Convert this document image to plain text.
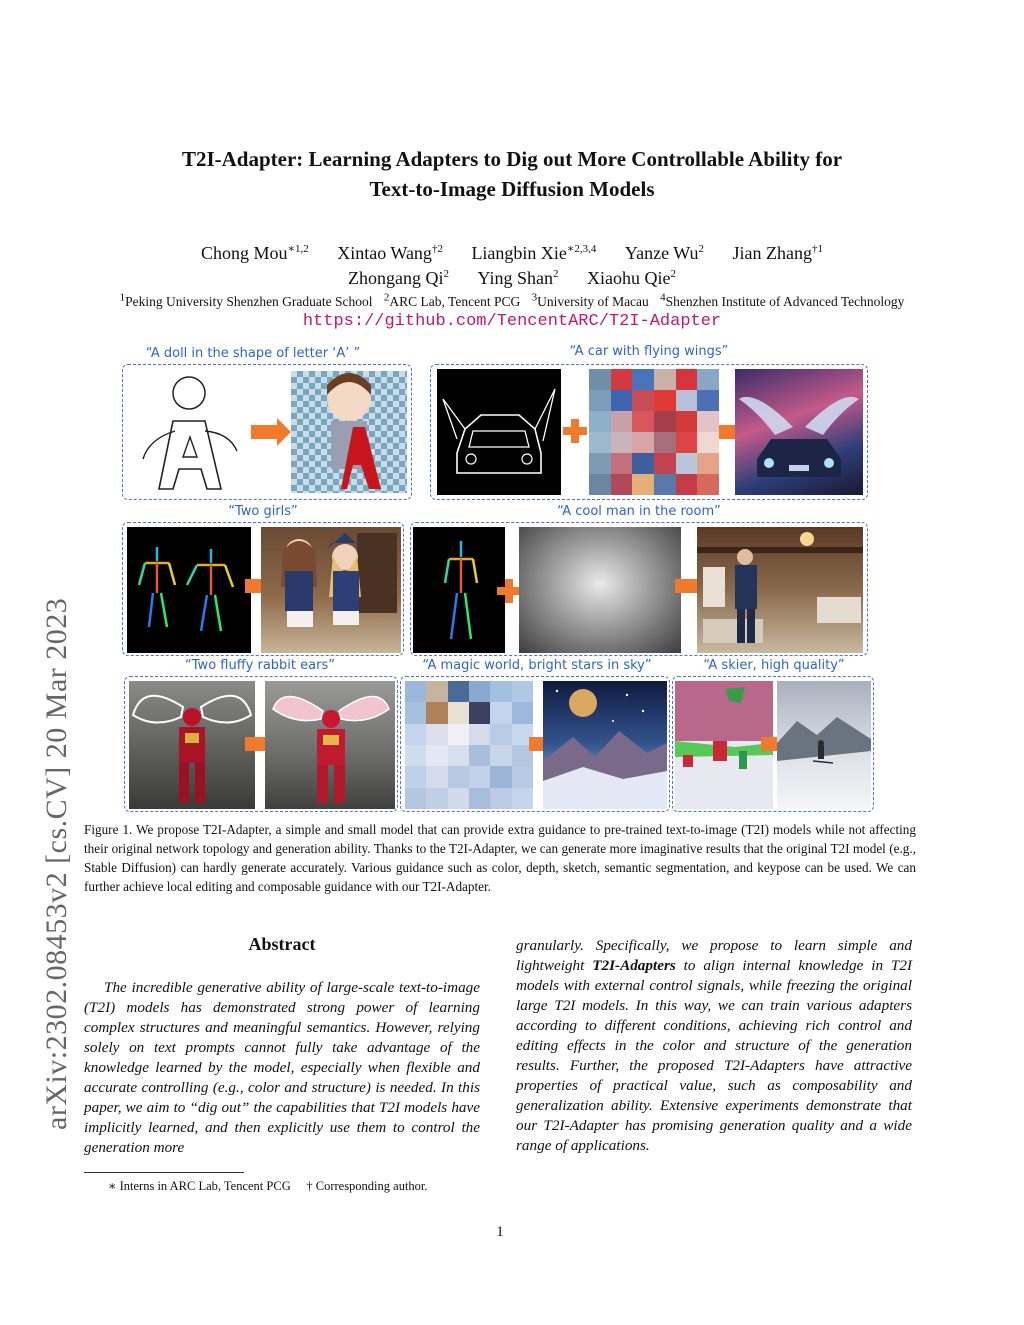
T2I-Adapter: Learning Adapters to Dig out More Controllable Ability for
Text-to-Image Diffusion Models
Chong Mou$^{∗1,2}$ Xintao Wang$^{\dagger 2}$ Liangbin Xie$^{∗2,3,4}$ Yanze Wu$^2$ Jian Zhang$^{\dagger 1}$
Zhongang Qi$^2$ Ying Shan$^2$ Xiaohu Qie$^2$
$^1$Peking University Shenzhen Graduate School $^2$ARC Lab, Tencent PCG $^3$University of Macau $^4$Shenzhen Institute of Advanced Technology
https://github.com/TencentARC/T2I-Adapter
arXiv:2302.08453v2 [cs.CV] 20 Mar 2023
“A doll in the shape of letter ‘A’ ”	“A car with flying wings”
“Two girls”	“A cool man in the room”
“Two fluffy rabbit ears”	“A magic world, bright stars in sky”	“A skier, high quality”
Figure 1. We propose T2I-Adapter, a simple and small model that can provide extra guidance to pre-trained text-to-image (T2I) models while not affecting their original network topology and generation ability. Thanks to the T2I-Adapter, we can generate more imaginative results that the original T2I model (e.g., Stable Diffusion) can hardly generate accurately. Various guidance such as color, depth, sketch, semantic segmentation, and keypose can be used. We can further achieve local editing and composable guidance with our T2I-Adapter.
Abstract
The incredible generative ability of large-scale text-to-image (T2I) models has demonstrated strong power of learning complex structures and meaningful semantics. However, relying solely on text prompts cannot fully take advantage of the knowledge learned by the model, especially when flexible and accurate controlling (e.g., color and structure) is needed. In this paper, we aim to “dig out” the capabilities that T2I models have implicitly learned, and then explicitly use them to control the generation more
granularly. Specifically, we propose to learn simple and lightweight T2I-Adapters to align internal knowledge in T2I models with external control signals, while freezing the original large T2I models. In this way, we can train various adapters according to different conditions, achieving rich control and editing effects in the color and structure of the generation results. Further, the proposed T2I-Adapters have attractive properties of practical value, such as composability and generalization ability. Extensive experiments demonstrate that our T2I-Adapter has promising generation quality and a wide range of applications.
∗ Interns in ARC Lab, Tencent PCG † Corresponding author.
1
